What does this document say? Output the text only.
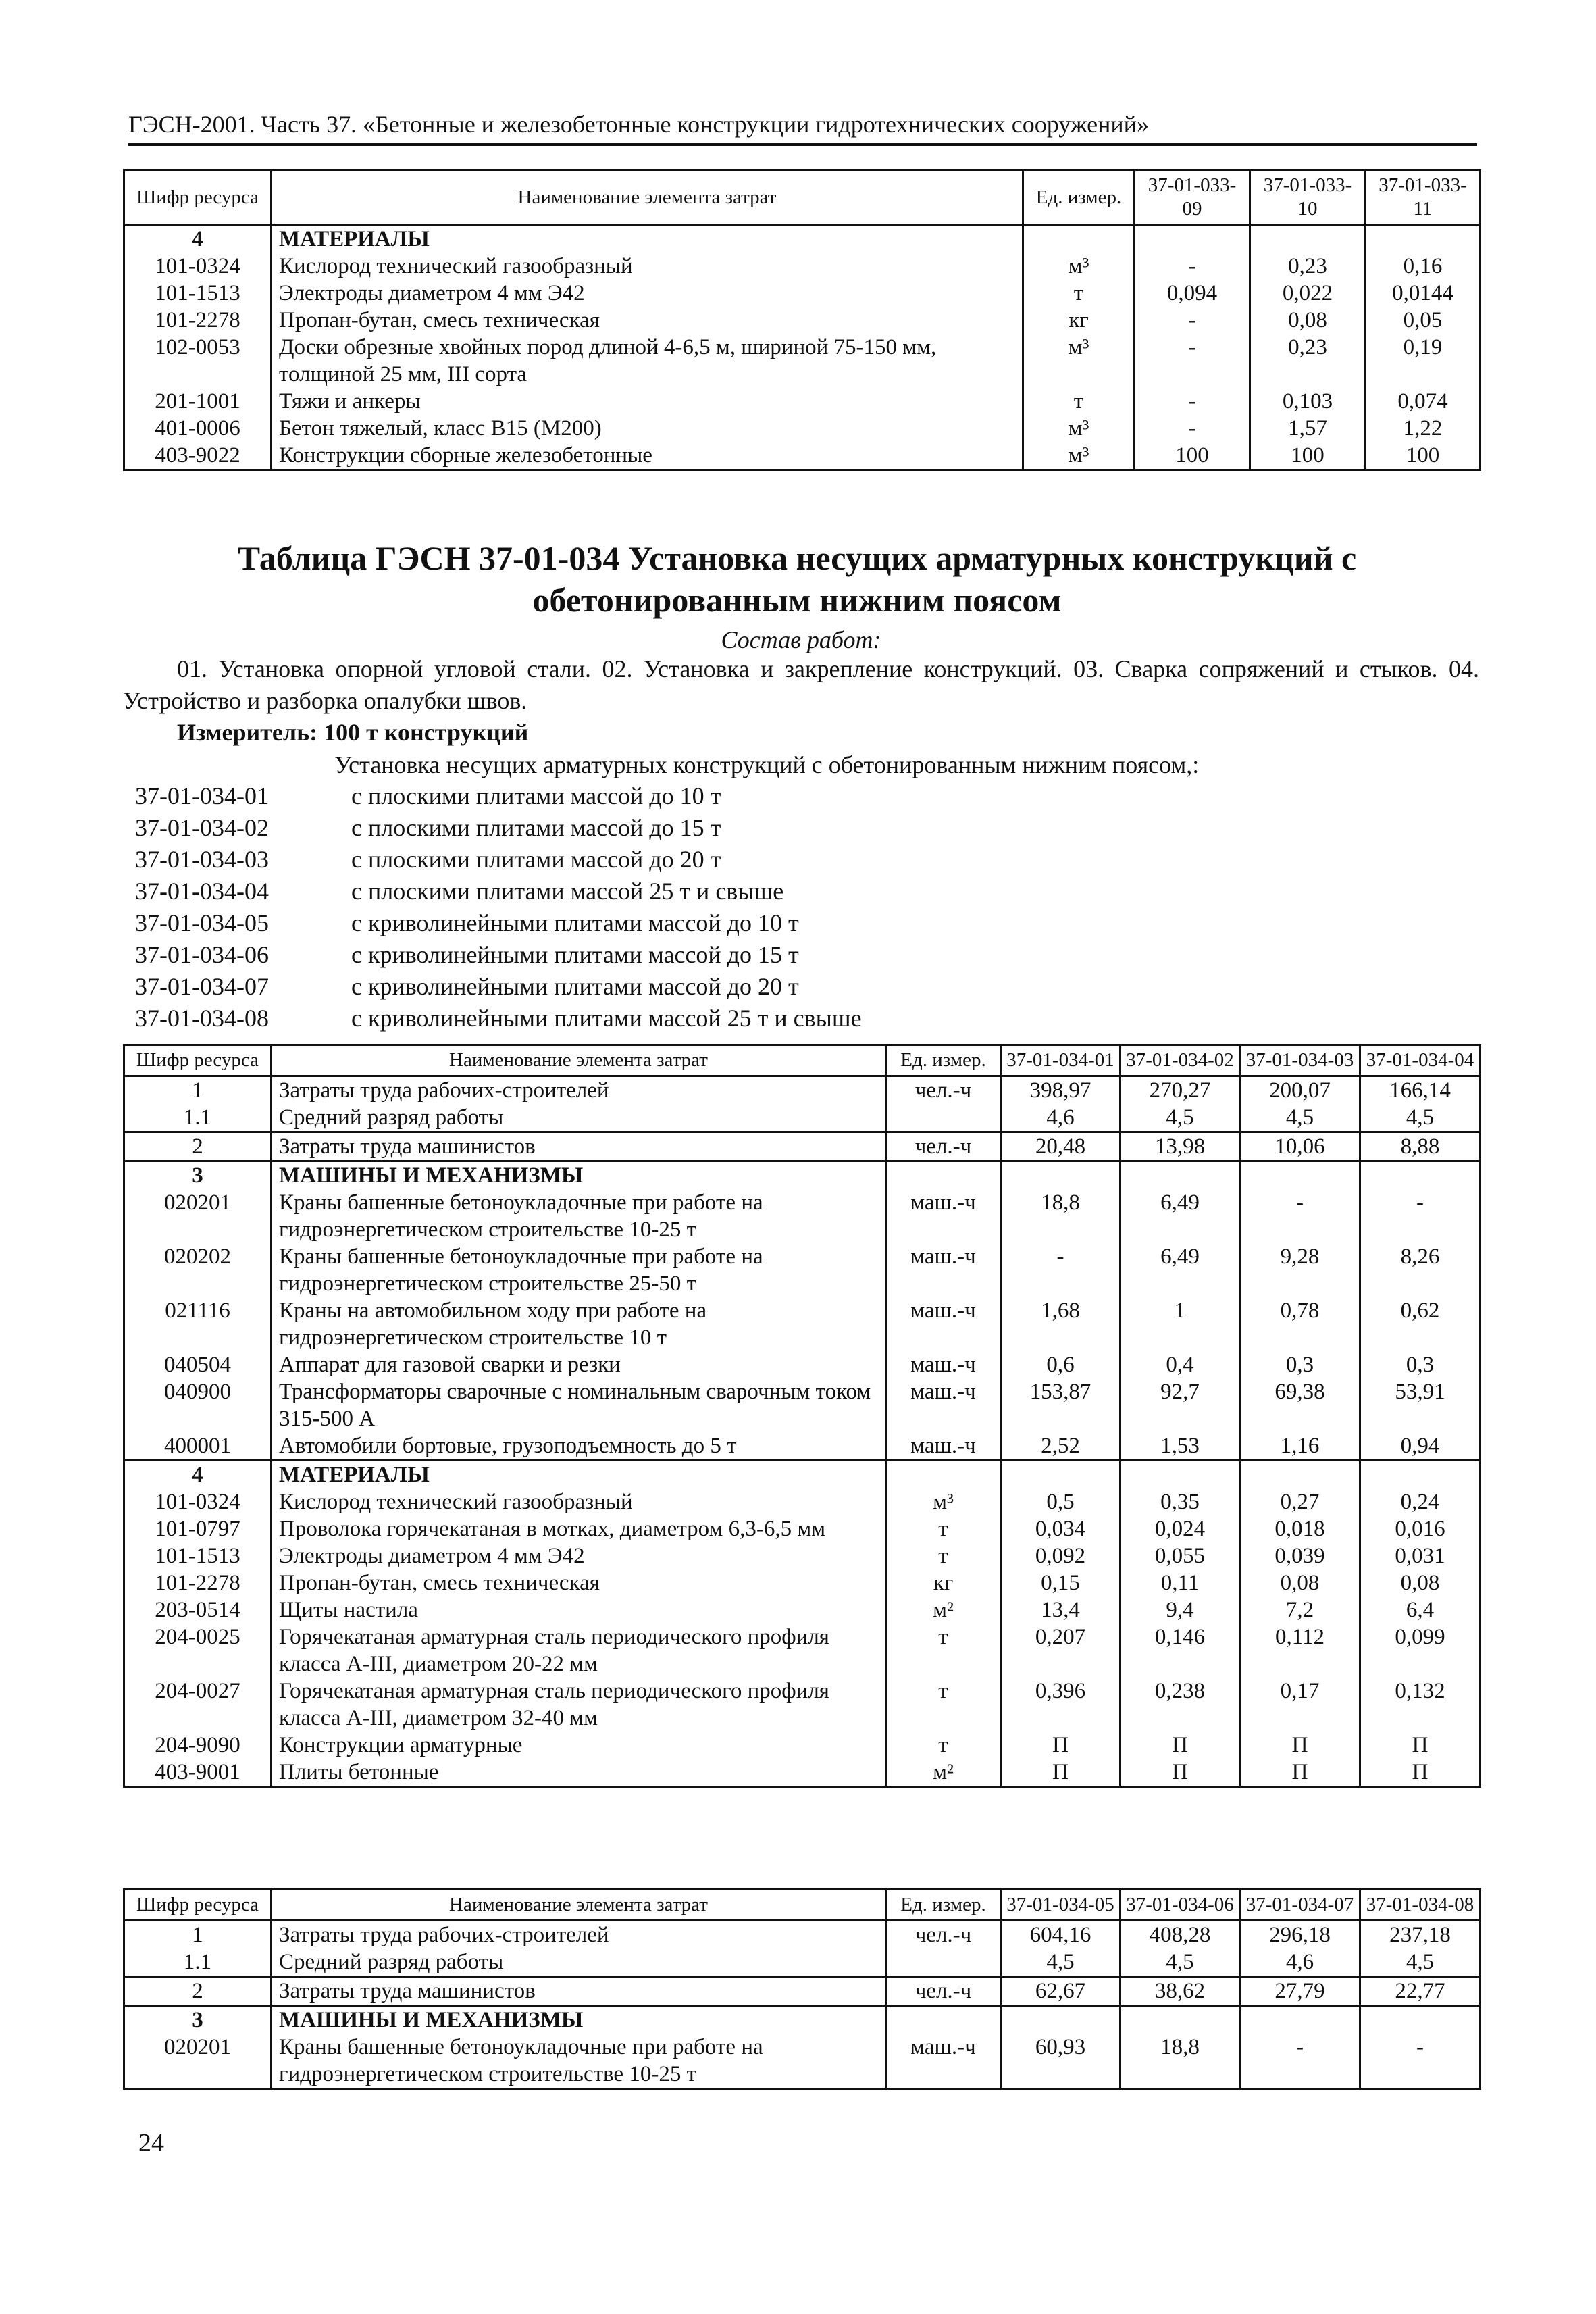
ГЭСН-2001. Часть 37. «Бетонные и железобетонные конструкции гидротехнических сооружений»
Шифр ресурса	Наименование элемента затрат	Ед. измер.	37-01-033-09	37-01-033-10	37-01-033-11
4	МАТЕРИАЛЫ				
101-0324	Кислород технический газообразный	м³	-	0,23	0,16
101-1513	Электроды диаметром 4 мм Э42	т	0,094	0,022	0,0144
101-2278	Пропан-бутан, смесь техническая	кг	-	0,08	0,05
102-0053	Доски обрезные хвойных пород длиной 4-6,5 м, шириной 75-150 мм, толщиной 25 мм, III сорта	м³	-	0,23	0,19
201-1001	Тяжи и анкеры	т	-	0,103	0,074
401-0006	Бетон тяжелый, класс В15 (М200)	м³	-	1,57	1,22
403-9022	Конструкции сборные железобетонные	м³	100	100	100
Таблица ГЭСН 37-01-034 Установка несущих арматурных конструкций с обетонированным нижним поясом
Состав работ:
01. Установка опорной угловой стали. 02. Установка и закрепление конструкций. 03. Сварка сопряжений и стыков. 04. Устройство и разборка опалубки швов.
Измеритель: 100 т конструкций
Установка несущих арматурных конструкций с обетонированным нижним поясом,:
37-01-034-01	с плоскими плитами массой до 10 т
37-01-034-02	с плоскими плитами массой до 15 т
37-01-034-03	с плоскими плитами массой до 20 т
37-01-034-04	с плоскими плитами массой 25 т и свыше
37-01-034-05	с криволинейными плитами массой до 10 т
37-01-034-06	с криволинейными плитами массой до 15 т
37-01-034-07	с криволинейными плитами массой до 20 т
37-01-034-08	с криволинейными плитами массой 25 т и свыше
Шифр ресурса	Наименование элемента затрат	Ед. измер.	37-01-034-01	37-01-034-02	37-01-034-03	37-01-034-04
1	Затраты труда рабочих-строителей	чел.-ч	398,97	270,27	200,07	166,14
1.1	Средний разряд работы		4,6	4,5	4,5	4,5
2	Затраты труда машинистов	чел.-ч	20,48	13,98	10,06	8,88
3	МАШИНЫ И МЕХАНИЗМЫ					
020201	Краны башенные бетоноукладочные при работе на гидроэнергетическом строительстве 10-25 т	маш.-ч	18,8	6,49	-	-
020202	Краны башенные бетоноукладочные при работе на гидроэнергетическом строительстве 25-50 т	маш.-ч	-	6,49	9,28	8,26
021116	Краны на автомобильном ходу при работе на гидроэнергетическом строительстве 10 т	маш.-ч	1,68	1	0,78	0,62
040504	Аппарат для газовой сварки и резки	маш.-ч	0,6	0,4	0,3	0,3
040900	Трансформаторы сварочные с номинальным сварочным током 315-500 А	маш.-ч	153,87	92,7	69,38	53,91
400001	Автомобили бортовые, грузоподъемность до 5 т	маш.-ч	2,52	1,53	1,16	0,94
4	МАТЕРИАЛЫ					
101-0324	Кислород технический газообразный	м³	0,5	0,35	0,27	0,24
101-0797	Проволока горячекатаная в мотках, диаметром 6,3-6,5 мм	т	0,034	0,024	0,018	0,016
101-1513	Электроды диаметром 4 мм Э42	т	0,092	0,055	0,039	0,031
101-2278	Пропан-бутан, смесь техническая	кг	0,15	0,11	0,08	0,08
203-0514	Щиты настила	м²	13,4	9,4	7,2	6,4
204-0025	Горячекатаная арматурная сталь периодического профиля класса А-III, диаметром 20-22 мм	т	0,207	0,146	0,112	0,099
204-0027	Горячекатаная арматурная сталь периодического профиля класса А-III, диаметром 32-40 мм	т	0,396	0,238	0,17	0,132
204-9090	Конструкции арматурные	т	П	П	П	П
403-9001	Плиты бетонные	м²	П	П	П	П
Шифр ресурса	Наименование элемента затрат	Ед. измер.	37-01-034-05	37-01-034-06	37-01-034-07	37-01-034-08
1	Затраты труда рабочих-строителей	чел.-ч	604,16	408,28	296,18	237,18
1.1	Средний разряд работы		4,5	4,5	4,6	4,5
2	Затраты труда машинистов	чел.-ч	62,67	38,62	27,79	22,77
3	МАШИНЫ И МЕХАНИЗМЫ					
020201	Краны башенные бетоноукладочные при работе на гидроэнергетическом строительстве 10-25 т	маш.-ч	60,93	18,8	-	-
24
